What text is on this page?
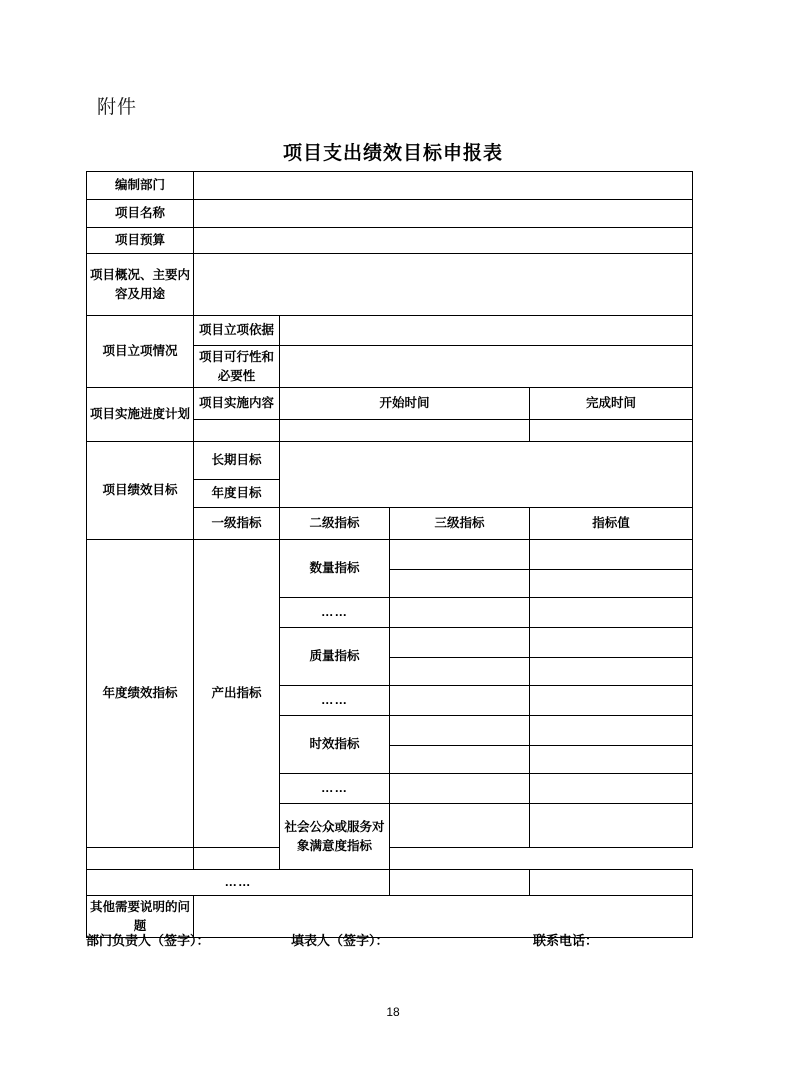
附件
项目支出绩效目标申报表
编制部门				
项目名称				
项目预算				
项目概况、主要内容及用途				
项目立项情况	项目立项依据			
	项目可行性和必要性			
项目实施进度计划	项目实施内容	开始时间		完成时间

项目绩效目标	长期目标			
	年度目标			
	一级指标	二级指标	三级指标	指标值
年度绩效指标	产出指标	数量指标		

		……		
		质量指标		

		……		
		时效指标		

		……		
		社会公众或服务对象满意度指标		

……				
其他需要说明的问题				
部门负责人（签字）：	填表人（签字）：	联系电话：
18
